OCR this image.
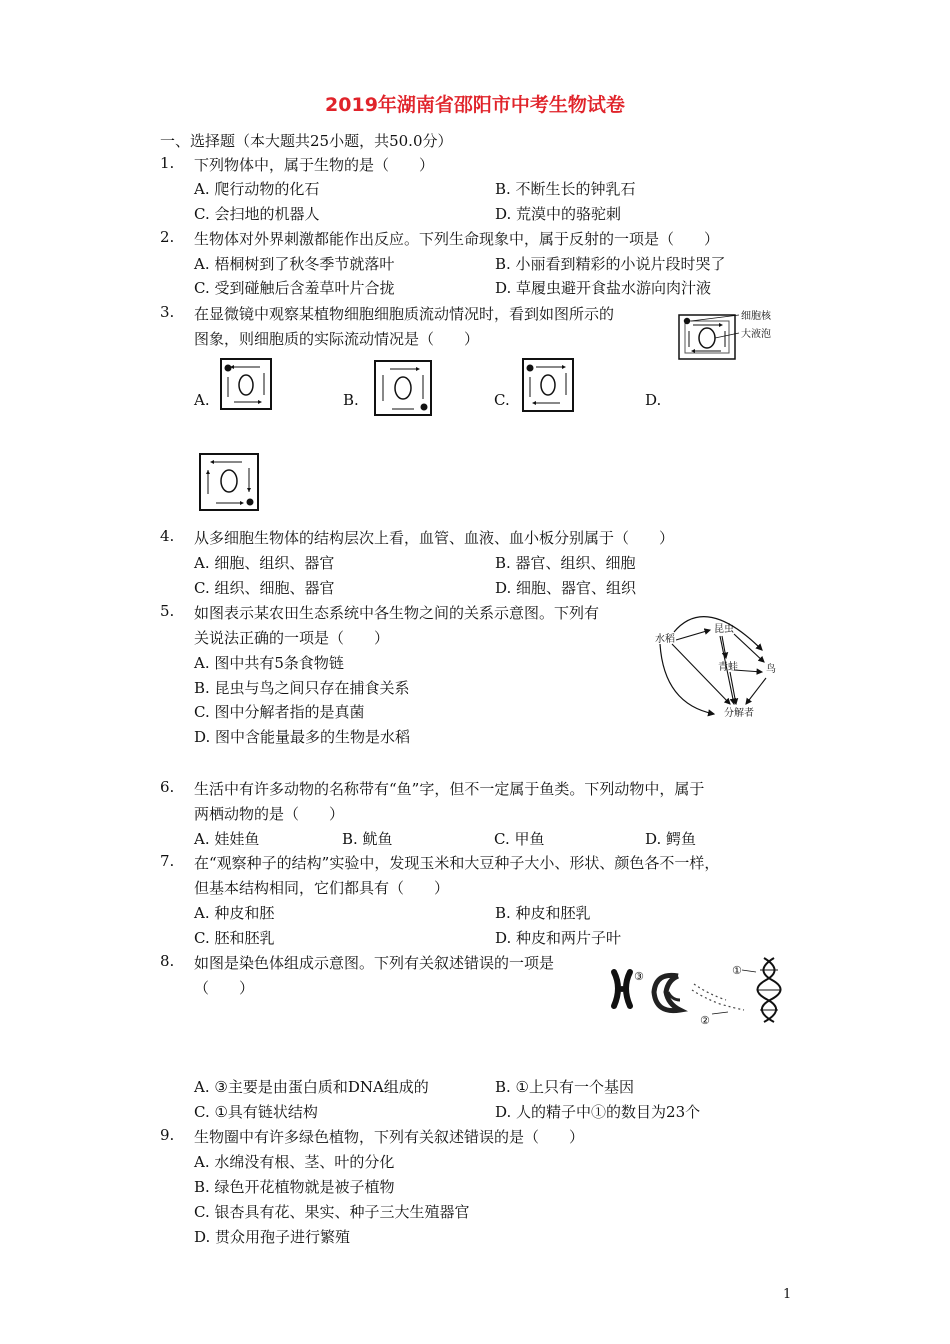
2019年湖南省邵阳市中考生物试卷
一、选择题（本大题共25小题，共50.0分）
1. 下列物体中，属于生物的是（　　）
A. 爬行动物的化石	B. 不断生长的钟乳石
C. 会扫地的机器人	D. 荒漠中的骆驼刺
2. 生物体对外界刺激都能作出反应。下列生命现象中，属于反射的一项是（　　）
A. 梧桐树到了秋冬季节就落叶	B. 小丽看到精彩的小说片段时哭了
C. 受到碰触后含羞草叶片合拢	D. 草履虫避开食盐水游向肉汁液
3. 在显微镜中观察某植物细胞细胞质流动情况时，看到如图所示的
图象，则细胞质的实际流动情况是（　　）
细胞核
大液泡
A.	B.	C.	D.
4. 从多细胞生物体的结构层次上看，血管、血液、血小板分别属于（　　）
A. 细胞、组织、器官	B. 器官、组织、细胞
C. 组织、细胞、器官	D. 细胞、器官、组织
5. 如图表示某农田生态系统中各生物之间的关系示意图。下列有
关说法正确的一项是（　　）
A. 图中共有5条食物链
B. 昆虫与鸟之间只存在捕食关系
C. 图中分解者指的是真菌
D. 图中含能量最多的生物是水稻
水稻
昆虫
青蛙	鸟
分解者
6. 生活中有许多动物的名称带有“鱼”字，但不一定属于鱼类。下列动物中，属于
两栖动物的是（　　）
A. 娃娃鱼	B. 鱿鱼	C. 甲鱼	D. 鳄鱼
7. 在“观察种子的结构”实验中，发现玉米和大豆种子大小、形状、颜色各不一样，
但基本结构相同，它们都具有（　　）
A. 种皮和胚	B. 种皮和胚乳
C. 胚和胚乳	D. 种皮和两片子叶
8. 如图是染色体组成示意图。下列有关叙述错误的一项是
（　　）
①
②
③
A. ③主要是由蛋白质和DNA组成的	B. ①上只有一个基因
C. ①具有链状结构	D. 人的精子中①的数目为23个
9. 生物圈中有许多绿色植物，下列有关叙述错误的是（　　）
A. 水绵没有根、茎、叶的分化
B. 绿色开花植物就是被子植物
C. 银杏具有花、果实、种子三大生殖器官
D. 贯众用孢子进行繁殖
1
